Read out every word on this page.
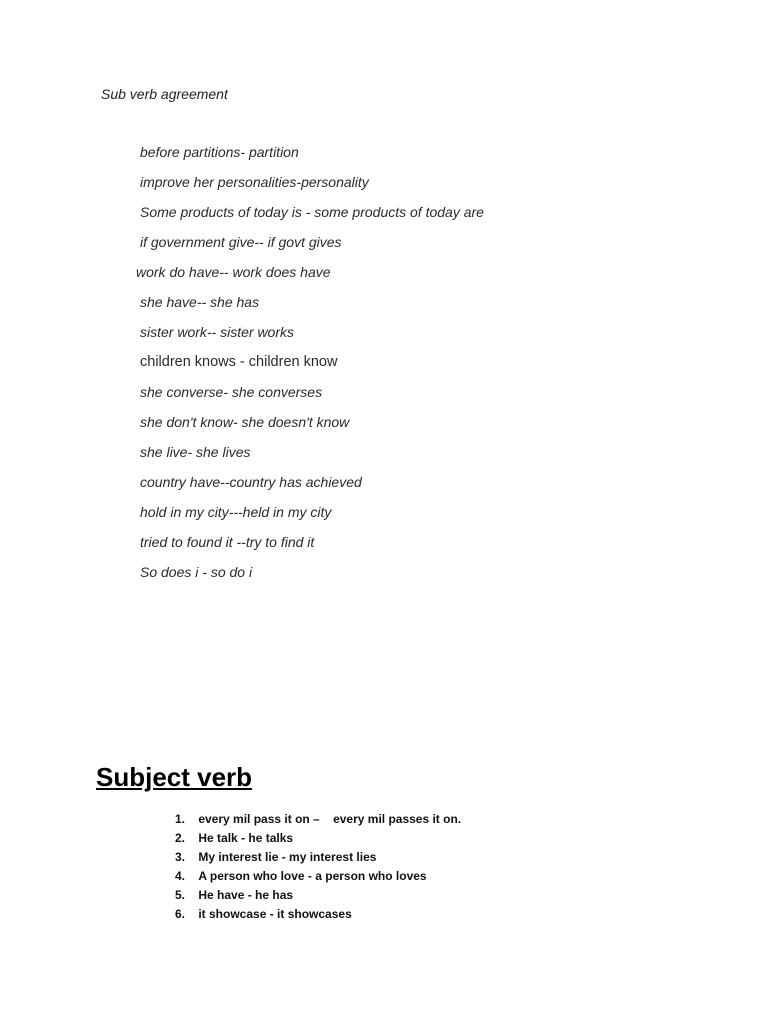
Sub verb agreement
before partitions- partition
improve her personalities-personality
Some products of today is - some products of today are
if government give-- if govt gives
work do have-- work does have
she have-- she has
sister work-- sister works
children knows - children know
she converse- she converses
she don't know- she doesn't know
she live- she lives
country have--country has achieved
hold in my city---held in my city
tried to found it --try to find it
So does i - so do i
Subject verb
1.
every mil pass it on –    every mil passes it on.
2.
He talk - he talks
3.
My interest lie - my interest lies
4.
A person who love - a person who loves
5.
He have - he has
6.
it showcase - it showcases
